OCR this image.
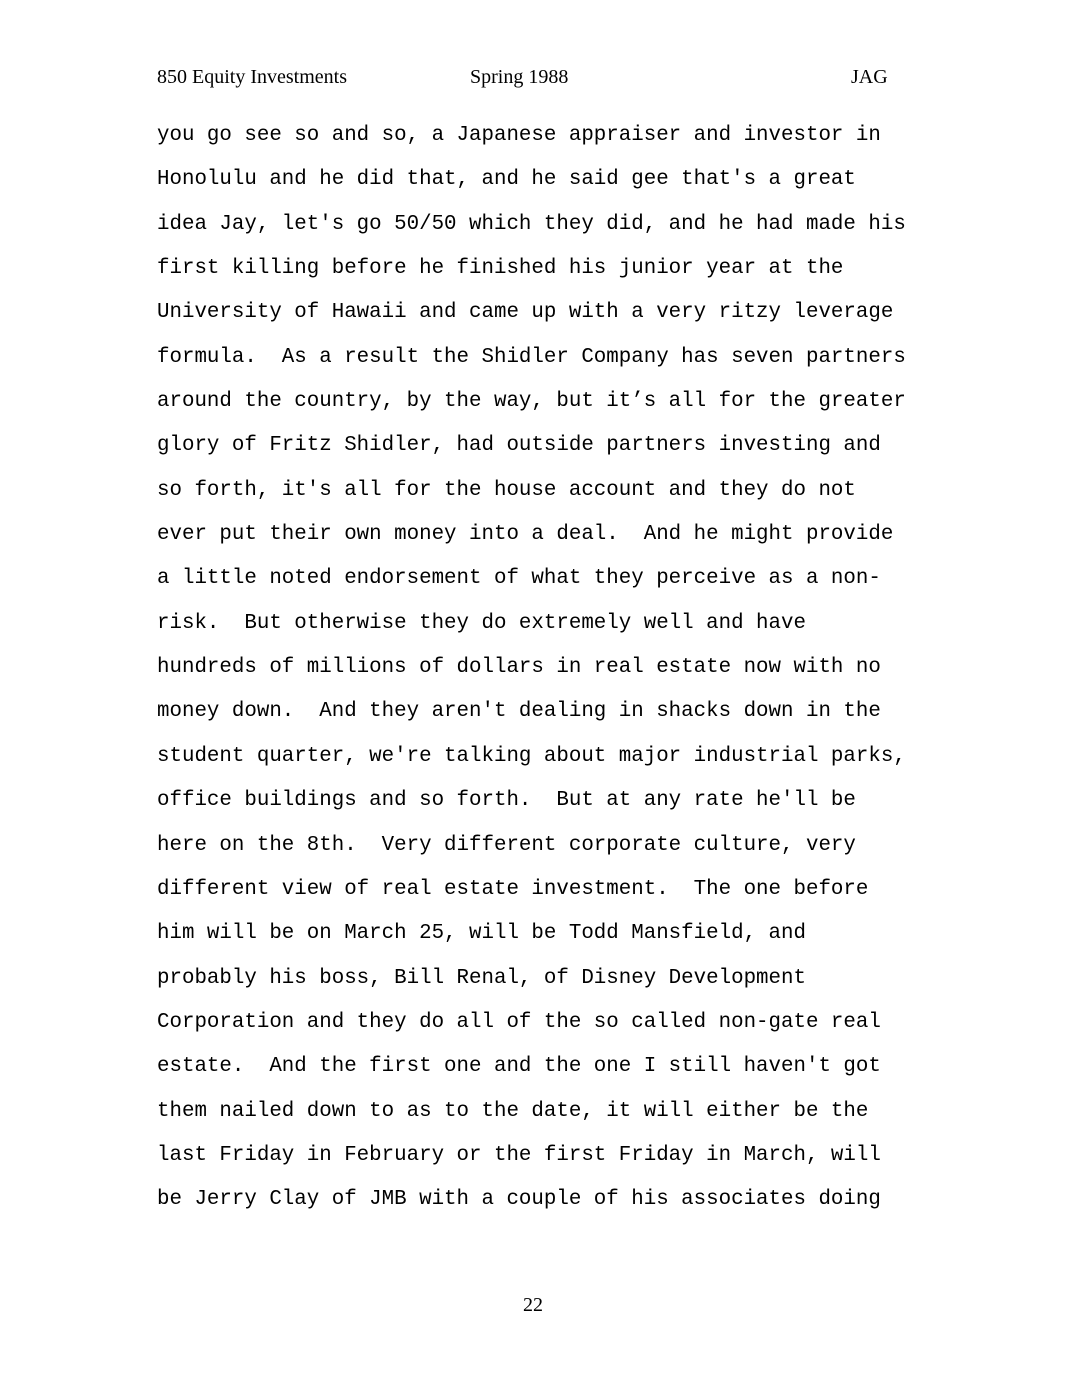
850 Equity Investments	Spring 1988	JAG
you go see so and so, a Japanese appraiser and investor in
Honolulu and he did that, and he said gee that's a great
idea Jay, let's go 50/50 which they did, and he had made his
first killing before he finished his junior year at the
University of Hawaii and came up with a very ritzy leverage
formula.  As a result the Shidler Company has seven partners
around the country, by the way, but it’s all for the greater
glory of Fritz Shidler, had outside partners investing and
so forth, it's all for the house account and they do not
ever put their own money into a deal.  And he might provide
a little noted endorsement of what they perceive as a non-
risk.  But otherwise they do extremely well and have
hundreds of millions of dollars in real estate now with no
money down.  And they aren't dealing in shacks down in the
student quarter, we're talking about major industrial parks,
office buildings and so forth.  But at any rate he'll be
here on the 8th.  Very different corporate culture, very
different view of real estate investment.  The one before
him will be on March 25, will be Todd Mansfield, and
probably his boss, Bill Renal, of Disney Development
Corporation and they do all of the so called non-gate real
estate.  And the first one and the one I still haven't got
them nailed down to as to the date, it will either be the
last Friday in February or the first Friday in March, will
be Jerry Clay of JMB with a couple of his associates doing
22
